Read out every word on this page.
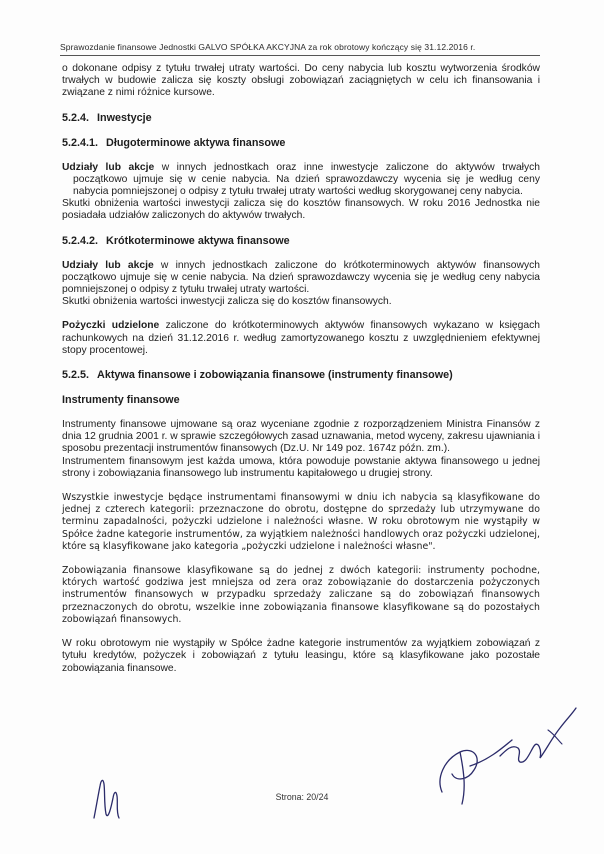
Sprawozdanie finansowe Jednostki GALVO SPÓŁKA AKCYJNA za rok obrotowy kończący się 31.12.2016 r.

o dokonane odpisy z tytułu trwałej utraty wartości. Do ceny nabycia lub kosztu wytworzenia środków trwałych w budowie zalicza się koszty obsługi zobowiązań zaciągniętych w celu ich finansowania i związane z nimi różnice kursowe.

5.2.4. Inwestycje
5.2.4.1. Długoterminowe aktywa finansowe

Udziały lub akcje w innych jednostkach oraz inne inwestycje zaliczone do aktywów trwałych początkowo ujmuje się w cenie nabycia. Na dzień sprawozdawczy wycenia się je według ceny nabycia pomniejszonej o odpisy z tytułu trwałej utraty wartości według skorygowanej ceny nabycia.

Skutki obniżenia wartości inwestycji zalicza się do kosztów finansowych. W roku 2016 Jednostka nie posiadała udziałów zaliczonych do aktywów trwałych.

5.2.4.2. Krótkoterminowe aktywa finansowe

Udziały lub akcje w innych jednostkach zaliczone do krótkoterminowych aktywów finansowych początkowo ujmuje się w cenie nabycia. Na dzień sprawozdawczy wycenia się je według ceny nabycia pomniejszonej o odpisy z tytułu trwałej utraty wartości.

Skutki obniżenia wartości inwestycji zalicza się do kosztów finansowych.

Pożyczki udzielone zaliczone do krótkoterminowych aktywów finansowych wykazano w księgach rachunkowych na dzień 31.12.2016 r. według zamortyzowanego kosztu z uwzględnieniem efektywnej stopy procentowej.

5.2.5. Aktywa finansowe i zobowiązania finansowe (instrumenty finansowe)
Instrumenty finansowe

Instrumenty finansowe ujmowane są oraz wyceniane zgodnie z rozporządzeniem Ministra Finansów z dnia 12 grudnia 2001 r. w sprawie szczegółowych zasad uznawania, metod wyceny, zakresu ujawniania i sposobu prezentacji instrumentów finansowych (Dz.U. Nr 149 poz. 1674z późn. zm.).

Instrumentem finansowym jest każda umowa, która powoduje powstanie aktywa finansowego u jednej strony i zobowiązania finansowego lub instrumentu kapitałowego u drugiej strony.

Wszystkie inwestycje będące instrumentami finansowymi w dniu ich nabycia są klasyfikowane do jednej z czterech kategorii: przeznaczone do obrotu, dostępne do sprzedaży lub utrzymywane do terminu zapadalności, pożyczki udzielone i należności własne. W roku obrotowym nie wystąpiły w Spółce żadne kategorie instrumentów, za wyjątkiem należności handlowych oraz pożyczki udzielonej, które są klasyfikowane jako kategoria „pożyczki udzielone i należności własne".

Zobowiązania finansowe klasyfikowane są do jednej z dwóch kategorii: instrumenty pochodne, których wartość godziwa jest mniejsza od zera oraz zobowiązanie do dostarczenia pożyczonych instrumentów finansowych w przypadku sprzedaży zaliczane są do zobowiązań finansowych przeznaczonych do obrotu, wszelkie inne zobowiązania finansowe klasyfikowane są do pozostałych zobowiązań finansowych.

W roku obrotowym nie wystąpiły w Spółce żadne kategorie instrumentów za wyjątkiem zobowiązań z tytułu kredytów, pożyczek i zobowiązań z tytułu leasingu, które są klasyfikowane jako pozostałe zobowiązania finansowe.

Strona: 20/24
